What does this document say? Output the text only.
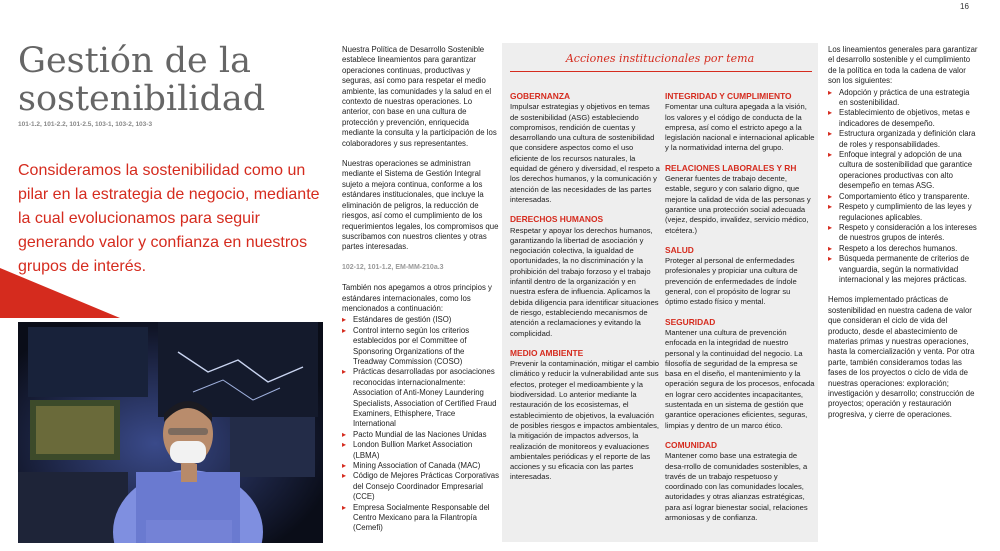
16
Gestión de la
sostenibilidad
101-1.2, 101-2.2, 101-2.5, 103-1, 103-2, 103-3

Consideramos la sostenibilidad como un pilar en la estrategia de negocio, mediante la cual evolucionamos para seguir generando valor y confianza en nuestros grupos de interés.

Nuestra Política de Desarrollo Sostenible establece lineamientos para garantizar operaciones continuas, productivas y seguras, así como para respetar el medio ambiente, las comunidades y la salud en el contexto de nuestras operaciones. Lo anterior, con base en una cultura de protección y prevención, enriquecida mediante la consulta y la participación de los colaboradores y sus representantes.

Nuestras operaciones se administran mediante el Sistema de Gestión Integral sujeto a mejora continua, conforme a los estándares institucionales, que incluye la eliminación de peligros, la reducción de riesgos, así como el cumplimiento de los requerimientos legales, los compromisos que suscribamos con nuestros clientes y otras partes interesadas.

102-12, 101-1.2, EM-MM-210a.3

También nos apegamos a otros principios y estándares internacionales, como los mencionados a continuación:

▸ Estándares de gestión (ISO)
▸ Control interno según los criterios establecidos por el Committee of Sponsoring Organizations of the Treadway Commission (COSO)
▸ Prácticas desarrolladas por asociaciones reconocidas internacionalmente: Association of Anti-Money Laundering Specialists, Association of Certified Fraud Examiners, Ethisphere, Trace International
▸ Pacto Mundial de las Naciones Unidas
▸ London Bullion Market Association (LBMA)
▸ Mining Association of Canada (MAC)
▸ Código de Mejores Prácticas Corporativas del Consejo Coordinador Empresarial (CCE)
▸ Empresa Socialmente Responsable del Centro Mexicano para la Filantropía (Cemefi)
Acciones institucionales por tema
GOBERNANZA

Impulsar estrategias y objetivos en temas de sostenibilidad (ASG) estableciendo compromisos, rendición de cuentas y desarrollando una cultura de sostenibilidad que considere aspectos como el uso eficiente de los recursos naturales, la equidad de género y diversidad, el respeto a los derechos humanos, y la comunicación y atención de las necesidades de las partes interesadas.

DERECHOS HUMANOS

Respetar y apoyar los derechos humanos, garantizando la libertad de asociación y negociación colectiva, la igualdad de oportunidades, la no discriminación y la prohibición del trabajo forzoso y el trabajo infantil dentro de la organización y en nuestra esfera de influencia. Aplicamos la debida diligencia para identificar situaciones de riesgo, estableciendo mecanismos de atención a reclamaciones y evitando la complicidad.

MEDIO AMBIENTE

Prevenir la contaminación, mitigar el cambio climático y reducir la vulnerabilidad ante sus efectos, proteger el medioambiente y la biodiversidad. Lo anterior mediante la restauración de los ecosistemas, el establecimiento de objetivos, la evaluación de posibles riesgos e impactos ambientales, la mitigación de impactos adversos, la realización de monitoreos y evaluaciones ambientales periódicas y el reporte de las acciones y su eficacia con las partes interesadas.

INTEGRIDAD Y CUMPLIMIENTO

Fomentar una cultura apegada a la visión, los valores y el código de conducta de la empresa, así como el estricto apego a la legislación nacional e internacional aplicable y la normatividad interna del grupo.

RELACIONES LABORALES Y RH

Generar fuentes de trabajo decente, estable, seguro y con salario digno, que mejore la calidad de vida de las personas y garantice una protección social adecuada (vejez, despido, invalidez, servicio médico, etcétera.)

SALUD

Proteger al personal de enfermedades profesionales y propiciar una cultura de prevención de enfermedades de índole general, con el propósito de lograr su óptimo estado físico y mental.

SEGURIDAD

Mantener una cultura de prevención enfocada en la integridad de nuestro personal y la continuidad del negocio. La filosofía de seguridad de la empresa se basa en el diseño, el mantenimiento y la operación segura de los procesos, enfocada en lograr cero accidentes incapacitantes, sustentada en un sistema de gestión que garantice operaciones eficientes, seguras, limpias y dentro de un marco ético.

COMUNIDAD

Mantener como base una estrategia de desa-rrollo de comunidades sostenibles, a través de un trabajo respetuoso y coordinado con las comunidades locales, autoridades y otras alianzas estratégicas, para así lograr bienestar social, relaciones armoniosas y de confianza.

Los lineamientos generales para garantizar el desarrollo sostenible y el cumplimiento de la política en toda la cadena de valor son los siguientes:

▸ Adopción y práctica de una estrategia en sostenibilidad.
▸ Establecimiento de objetivos, metas e indicadores de desempeño.
▸ Estructura organizada y definición clara de roles y responsabilidades.
▸ Enfoque integral y adopción de una cultura de sostenibilidad que garantice operaciones productivas con alto desempeño en temas ASG.
▸ Comportamiento ético y transparente.
▸ Respeto y cumplimiento de las leyes y regulaciones aplicables.
▸ Respeto y consideración a los intereses de nuestros grupos de interés.
▸ Respeto a los derechos humanos.
▸ Búsqueda permanente de criterios de vanguardia, según la normatividad internacional y las mejores prácticas.

Hemos implementado prácticas de sostenibilidad en nuestra cadena de valor que consideran el ciclo de vida del producto, desde el abastecimiento de materias primas y nuestras operaciones, hasta la comercialización y venta. Por otra parte, también consideramos todas las fases de los proyectos o ciclo de vida de nuestras operaciones: exploración; investigación y desarrollo; construcción de proyectos; operación y restauración progresiva, y cierre de operaciones.
